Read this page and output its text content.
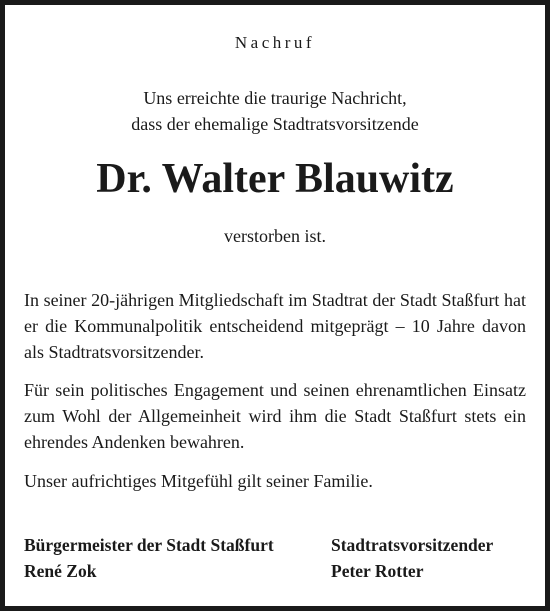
Nachruf
Uns erreichte die traurige Nachricht,
dass der ehemalige Stadtratsvorsitzende
Dr. Walter Blauwitz
verstorben ist.
In seiner 20-jährigen Mitgliedschaft im Stadtrat der Stadt Staßfurt hat er die Kommunalpolitik entscheidend mitgeprägt – 10 Jahre davon als Stadtratsvorsitzender.
Für sein politisches Engagement und seinen ehrenamtlichen Einsatz zum Wohl der Allgemeinheit wird ihm die Stadt Staßfurt stets ein ehrendes Andenken bewahren.
Unser aufrichtiges Mitgefühl gilt seiner Familie.
Bürgermeister der Stadt Staßfurt
René Zok
Stadtratsvorsitzender
Peter Rotter
